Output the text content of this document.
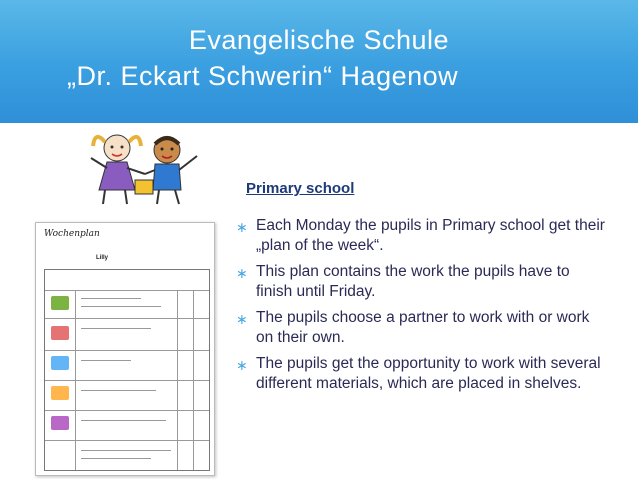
Evangelische Schule
„Dr. Eckart Schwerin“ Hagenow
Wochenplan
Lilly
Primary school
∗ Each Monday the pupils in Primary school get their „plan of the week“.
∗ This plan contains the work the pupils have to finish until Friday.
∗ The pupils choose a partner to work with or work on their own.
∗ The pupils get the opportunity to work with several different materials, which are placed in shelves.
